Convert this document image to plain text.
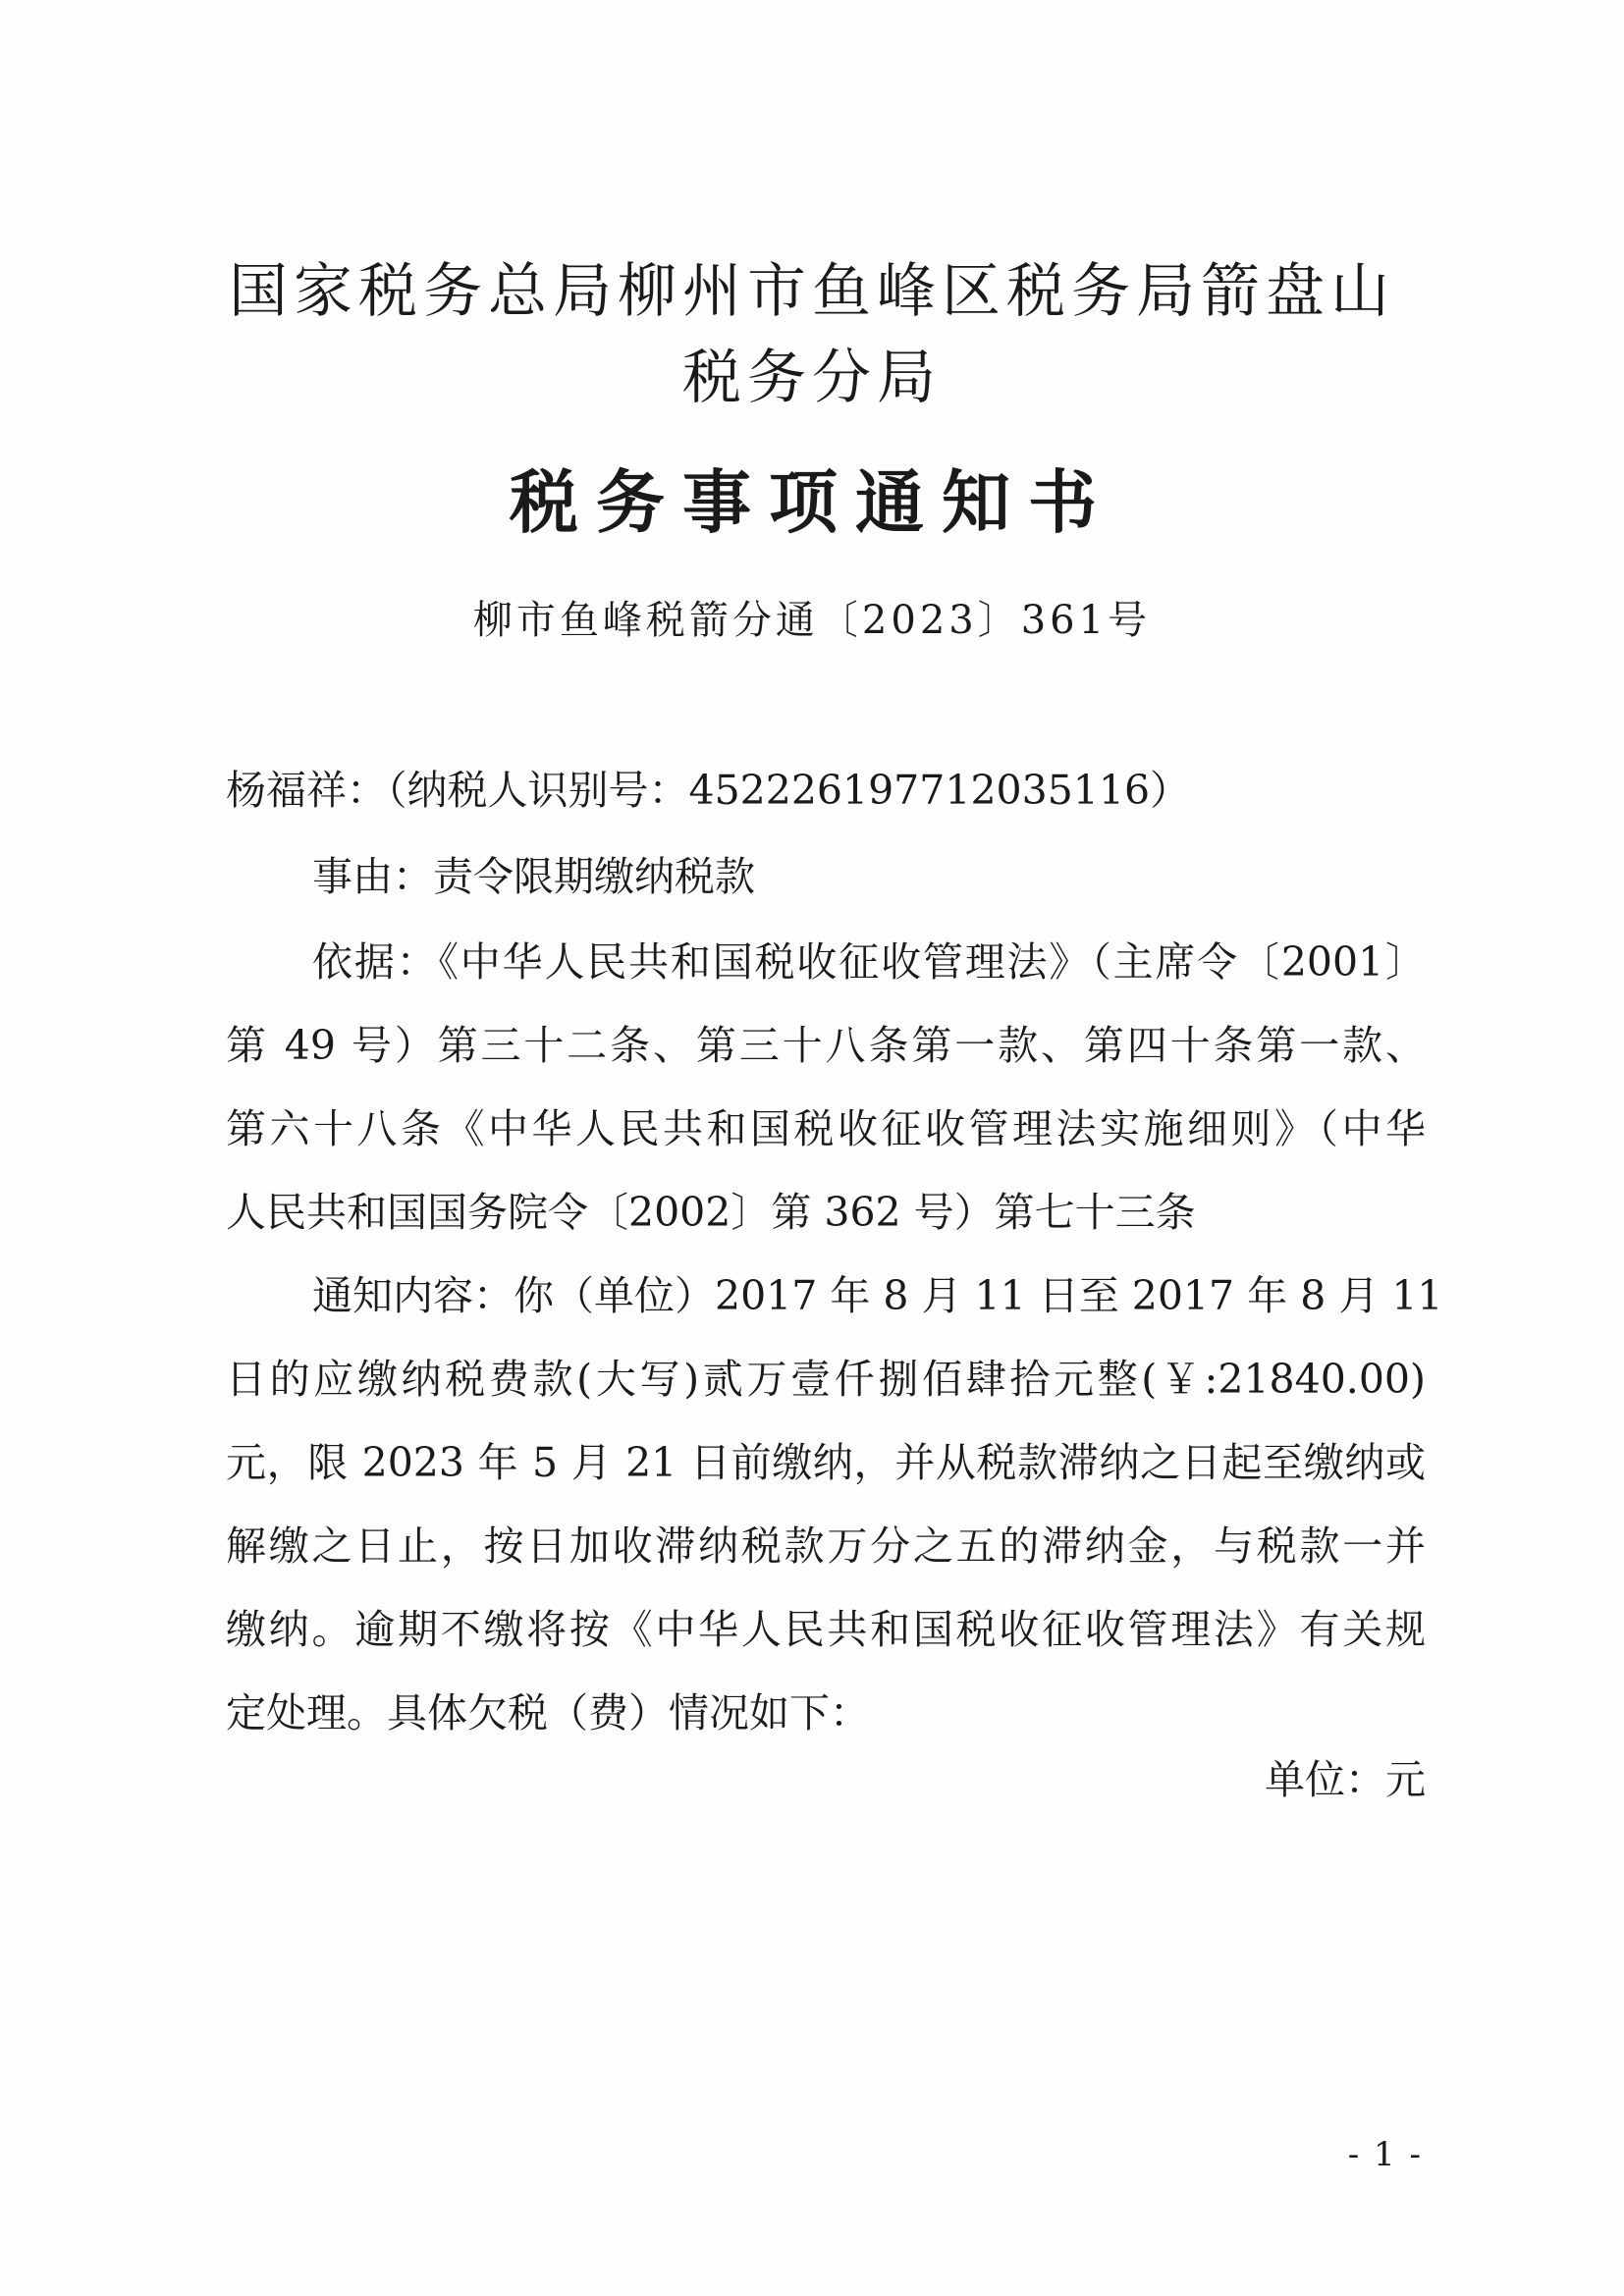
国家税务总局柳州市鱼峰区税务局箭盘山
税务分局
税务事项通知书
柳市鱼峰税箭分通〔2023〕361号
杨福祥：（纳税人识别号：452226197712035116）
事由：责令限期缴纳税款
依据：《中华人民共和国税收征收管理法》（主席令〔2001〕
第 49 号）第三十二条、第三十八条第一款、第四十条第一款、
第六十八条《中华人民共和国税收征收管理法实施细则》（中华
人民共和国国务院令〔2002〕第 362 号）第七十三条
通知内容：你（单位）2017 年 8 月 11 日至 2017 年 8 月 11
日的应缴纳税费款(大写)贰万壹仟捌佰肆拾元整(￥:21840.00)
元，限 2023 年 5 月 21 日前缴纳，并从税款滞纳之日起至缴纳或
解缴之日止，按日加收滞纳税款万分之五的滞纳金，与税款一并
缴纳。逾期不缴将按《中华人民共和国税收征收管理法》有关规
定处理。具体欠税（费）情况如下：
单位：元
- 1 -
